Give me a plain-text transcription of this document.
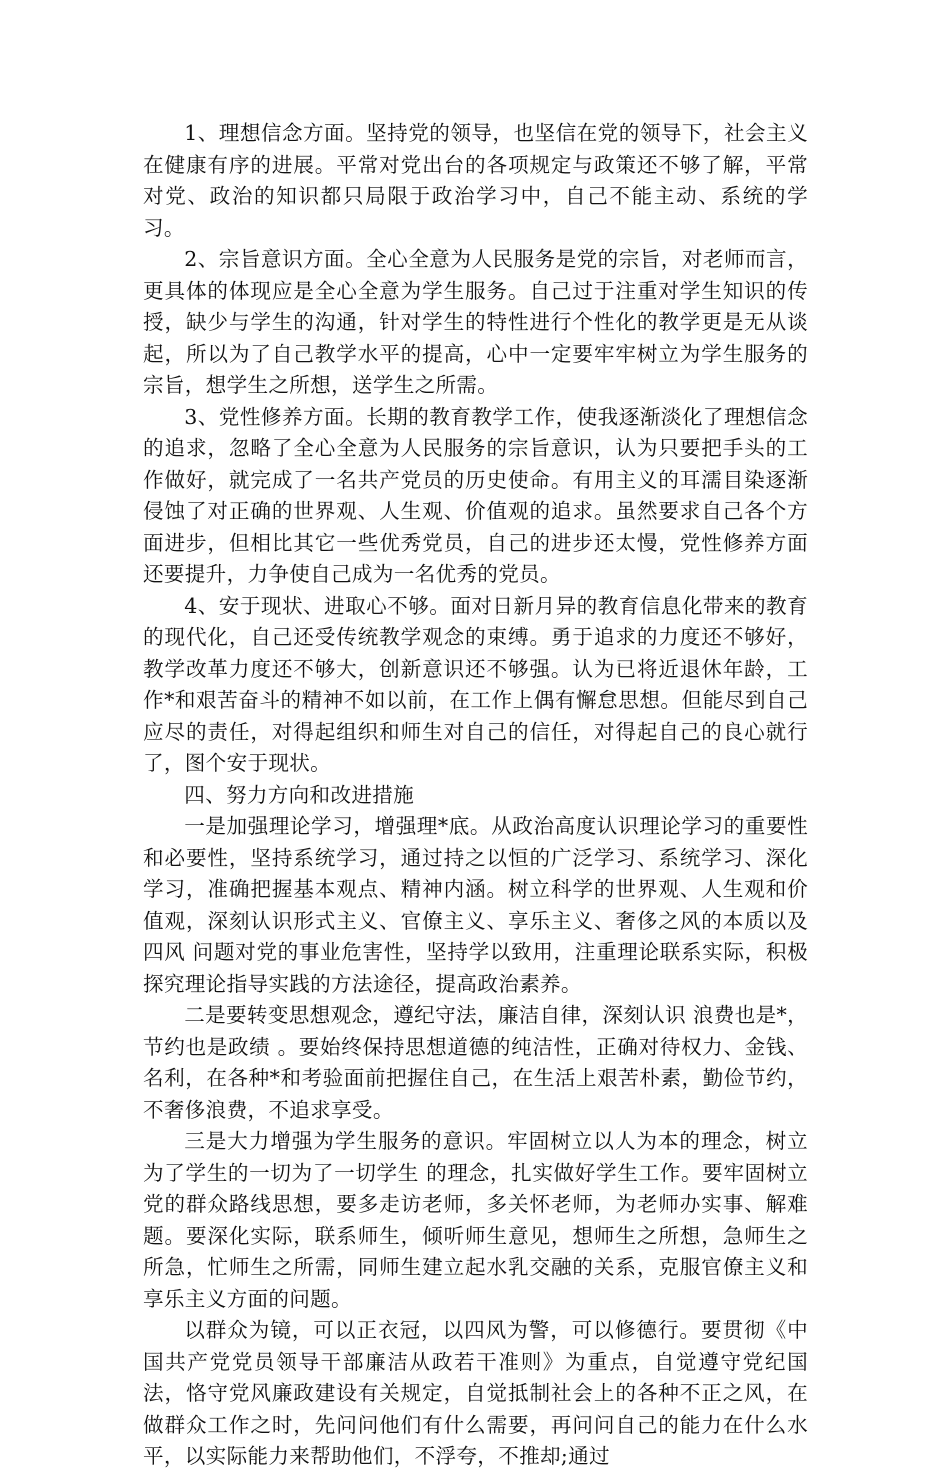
1、理想信念方面。坚持党的领导，也坚信在党的领导下，社会主义在健康有序的进展。平常对党出台的各项规定与政策还不够了解，平常对党、政治的知识都只局限于政治学习中，自己不能主动、系统的学习。

2、宗旨意识方面。全心全意为人民服务是党的宗旨，对老师而言，更具体的体现应是全心全意为学生服务。自己过于注重对学生知识的传授，缺少与学生的沟通，针对学生的特性进行个性化的教学更是无从谈起，所以为了自己教学水平的提高，心中一定要牢牢树立为学生服务的宗旨，想学生之所想，送学生之所需。

3、党性修养方面。长期的教育教学工作，使我逐渐淡化了理想信念的追求，忽略了全心全意为人民服务的宗旨意识，认为只要把手头的工作做好，就完成了一名共产党员的历史使命。有用主义的耳濡目染逐渐侵蚀了对正确的世界观、人生观、价值观的追求。虽然要求自己各个方面进步，但相比其它一些优秀党员，自己的进步还太慢，党性修养方面还要提升，力争使自己成为一名优秀的党员。

4、安于现状、进取心不够。面对日新月异的教育信息化带来的教育的现代化，自己还受传统教学观念的束缚。勇于追求的力度还不够好，教学改革力度还不够大，创新意识还不够强。认为已将近退休年龄，工作*和艰苦奋斗的精神不如以前，在工作上偶有懈怠思想。但能尽到自己应尽的责任，对得起组织和师生对自己的信任，对得起自己的良心就行了，图个安于现状。

四、努力方向和改进措施

一是加强理论学习，增强理*底。从政治高度认识理论学习的重要性和必要性，坚持系统学习，通过持之以恒的广泛学习、系统学习、深化学习，准确把握基本观点、精神内涵。树立科学的世界观、人生观和价值观，深刻认识形式主义、官僚主义、享乐主义、奢侈之风的本质以及 四风 问题对党的事业危害性，坚持学以致用，注重理论联系实际，积极探究理论指导实践的方法途径，提高政治素养。

二是要转变思想观念，遵纪守法，廉洁自律，深刻认识 浪费也是*，节约也是政绩 。要始终保持思想道德的纯洁性，正确对待权力、金钱、名利，在各种*和考验面前把握住自己，在生活上艰苦朴素，勤俭节约，不奢侈浪费，不追求享受。

三是大力增强为学生服务的意识。牢固树立以人为本的理念，树立 为了学生的一切为了一切学生 的理念，扎实做好学生工作。要牢固树立党的群众路线思想，要多走访老师，多关怀老师，为老师办实事、解难题。要深化实际，联系师生，倾听师生意见，想师生之所想，急师生之所急，忙师生之所需，同师生建立起水乳交融的关系，克服官僚主义和享乐主义方面的问题。

以群众为镜，可以正衣冠，以四风为警，可以修德行。要贯彻《中国共产党党员领导干部廉洁从政若干准则》为重点，自觉遵守党纪国法，恪守党风廉政建设有关规定，自觉抵制社会上的各种不正之风，在做群众工作之时，先问问他们有什么需要，再问问自己的能力在什么水平，以实际能力来帮助他们，不浮夸，不推却;通过
